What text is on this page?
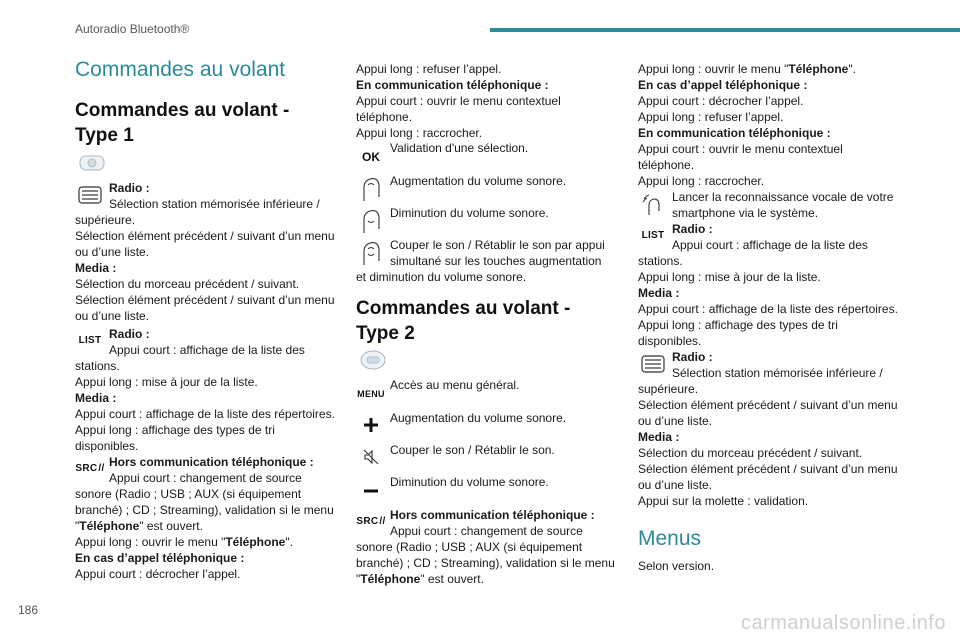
Autoradio Bluetooth®
Commandes au volant
Commandes au volant - Type 1

Radio :

Sélection station mémorisée inférieure /

supérieure.

Sélection élément précédent / suivant d’un menu

ou d’une liste.

Media :

Sélection du morceau précédent / suivant.

Sélection élément précédent / suivant d’un menu

ou d’une liste.

LIST Radio :

Appui court : affichage de la liste des

stations.

Appui long : mise à jour de la liste.

Media :

Appui court : affichage de la liste des répertoires.

Appui long : affichage des types de tri

disponibles.

SRC // Hors communication téléphonique :

Appui court : changement de source

sonore (Radio ; USB ; AUX (si équipement

branché) ; CD ; Streaming), validation si le menu

"Téléphone" est ouvert.

Appui long : ouvrir le menu "Téléphone".

En cas d’appel téléphonique :

Appui court : décrocher l’appel.

Appui long : refuser l’appel.

En communication téléphonique :

Appui court : ouvrir le menu contextuel

téléphone.

Appui long : raccrocher.

OK

Validation d'une sélection.

Augmentation du volume sonore.

Diminution du volume sonore.

Couper le son / Rétablir le son par appui

simultané sur les touches augmentation

et diminution du volume sonore.

Commandes au volant - Type 2
MENU

Accès au menu général.

Augmentation du volume sonore.

Couper le son / Rétablir le son.

Diminution du volume sonore.

SRC // Hors communication téléphonique :

Appui court : changement de source

sonore (Radio ; USB ; AUX (si équipement

branché) ; CD ; Streaming), validation si le menu

"Téléphone" est ouvert.

Appui long : ouvrir le menu "Téléphone".

En cas d’appel téléphonique :

Appui court : décrocher l’appel.

Appui long : refuser l’appel.

En communication téléphonique :

Appui court : ouvrir le menu contextuel

téléphone.

Appui long : raccrocher.

Lancer la reconnaissance vocale de votre

smartphone via le système.

LIST Radio :

Appui court : affichage de la liste des

stations.

Appui long : mise à jour de la liste.

Media :

Appui court : affichage de la liste des répertoires.

Appui long : affichage des types de tri

disponibles.

Radio :

Sélection station mémorisée inférieure /

supérieure.

Sélection élément précédent / suivant d’un menu

ou d’une liste.

Media :

Sélection du morceau précédent / suivant.

Sélection élément précédent / suivant d’un menu

ou d’une liste.

Appui sur la molette : validation.

Menus

Selon version.

186
carmanualsonline.info
